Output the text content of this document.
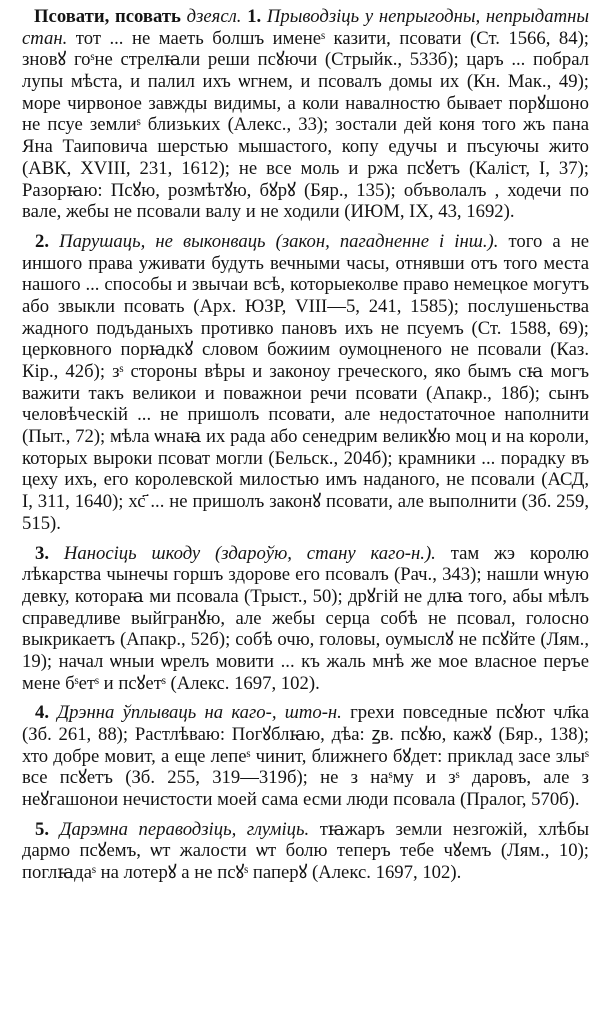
Псовати, псовать дзеясл. 1. Прыводзіць у непрыгодны, непрыдатны стан. тот ... не маеть болшъ именеˢ казити, псовати (Ст. 1566, 84); зновꙋ гоˢне стрелꙗли реши псꙋючи (Стрыйк., 533б); царъ ... побрал лупы мѣста, и палил ихъ ѡгнем, и псовалъ домы их (Кн. Мак., 49); море чирвоное завжды видимы, а коли навалностю бывает порꙋшоно не псуе землиˢ близьких (Алекс., 33); зостали дей коня того жъ пана Яна Таиповича шерстью мышастого, копу едучы и пъсуючы жито (АВК, XVIII, 231, 1612); не все моль и ржа псꙋетъ (Каліст, I, 37); Разорꙗю: Псꙋю, розмѣтꙋю, бꙋрꙋ (Бяр., 135); объволалъ , ходечи по вале, жебы не псовали валу и не ходили (ИЮМ, IX, 43, 1692).

2. Парушаць, не выконваць (закон, пагадненне і інш.). того а не иншого права уживати будуть вечными часы, отнявши отъ того места нашого ... способы и звычаи всѣ, которыеколве право немецкое могутъ або звыкли псовать (Арх. ЮЗР, VIII—5, 241, 1585); послушеньства жадного подъданыхъ противко пановъ ихъ не псуемъ (Ст. 1588, 69); церковного порꙗдкꙋ словом божиим оумоцненого не псовали (Каз. Кір., 42б); зˢ стороны вѣры и законоу греческого, яко бымъ сꙗ могъ важити такъ великои и поважнои речи псовати (Апакр., 18б); сынъ человѣческій ... не пришолъ псовати, але недостаточное наполнити (Пыт., 72); мѣла ѡнаꙗ их рада або сенедрим великꙋю моц и на короли, которых выроки псоват могли (Бельск., 204б); крамники ... порадку въ цеху ихъ, его королевской милостью имъ наданого, не псовали (АСД, I, 311, 1640); хс҃ ... не пришолъ законꙋ псовати, але выполнити (Зб. 259, 515).

3. Наносіць шкоду (здароўю, стану каго-н.). там жэ королю лѣкарства чынечы горшъ здорове его псовалъ (Рач., 343); нашли ѡную девку, котораꙗ ми псовала (Трыст., 50); дрꙋгій не длꙗ того, абы мѣлъ справедливе выйгранꙋю, але жебы серца собѣ не псовал, голосно выкрикаетъ (Апакр., 52б); собѣ очю, головы, оумыслꙋ не псꙋйте (Лям., 19); начал ѡныи ѡрелъ мовити ... къ жаль мнѣ же мое власное перъе мене бˢетˢ и псꙋетˢ (Алекс. 1697, 102).

4. Дрэнна ўплываць на каго-, што-н. грехи повседные псꙋют чл҃ка (Зб. 261, 88); Растлѣваю: Погꙋблꙗю, дѣа: ꙁв. псꙋю, кажꙋ (Бяр., 138); хто добре мовит, а еще лепеˢ чинит, ближнего бꙋдет: приклад засе злыˢ все псꙋетъ (Зб. 255, 319—319б); не з наˢму и зˢ даровъ, але з неꙋгашонои нечистости моей сама есми люди псовала (Пралог, 570б).

5. Дарэмна пераводзіць, глуміць. тꙗжаръ земли незгожій, хлѣбы дармо псꙋемъ, ѡт жалости ѡт болю теперъ тебе чꙋемъ (Лям., 10); поглꙗдаˢ на лотерꙋ а не псꙋˢ паперꙋ (Алекс. 1697, 102).
